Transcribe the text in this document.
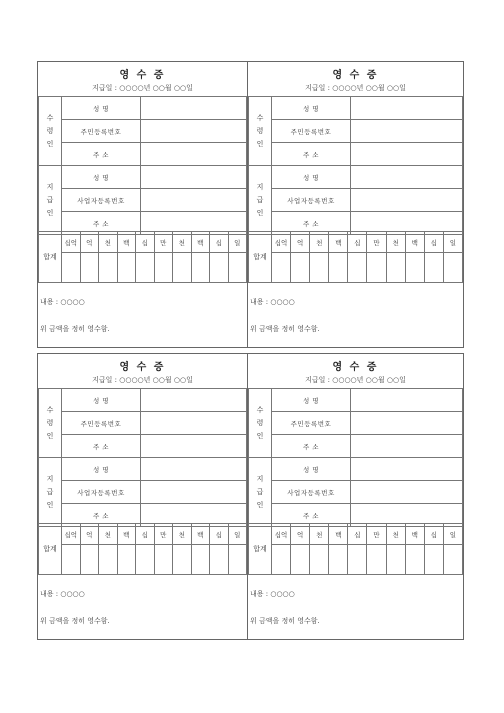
영 수 증
지급일 : ○○○○년 ○○월 ○○일
수
령
인	성 명	
	주민등록번호	
	주 소	
지
급
인	성 명	
	사업자등록번호	
	주 소	
합계	십억	억	천	백	십	만	천	백	십	일

내용 : ○○○○
위 금액을 정히 영수함.
영 수 증
지급일 : ○○○○년 ○○월 ○○일
수
령
인	성 명	
	주민등록번호	
	주 소	
지
급
인	성 명	
	사업자등록번호	
	주 소	
합계	십억	억	천	백	십	만	천	백	십	일

내용 : ○○○○
위 금액을 정히 영수함.
영 수 증
지급일 : ○○○○년 ○○월 ○○일
수
령
인	성 명	
	주민등록번호	
	주 소	
지
급
인	성 명	
	사업자등록번호	
	주 소	
합계	십억	억	천	백	십	만	천	백	십	일

내용 : ○○○○
위 금액을 정히 영수함.
영 수 증
지급일 : ○○○○년 ○○월 ○○일
수
령
인	성 명	
	주민등록번호	
	주 소	
지
급
인	성 명	
	사업자등록번호	
	주 소	
합계	십억	억	천	백	십	만	천	백	십	일

내용 : ○○○○
위 금액을 정히 영수함.
